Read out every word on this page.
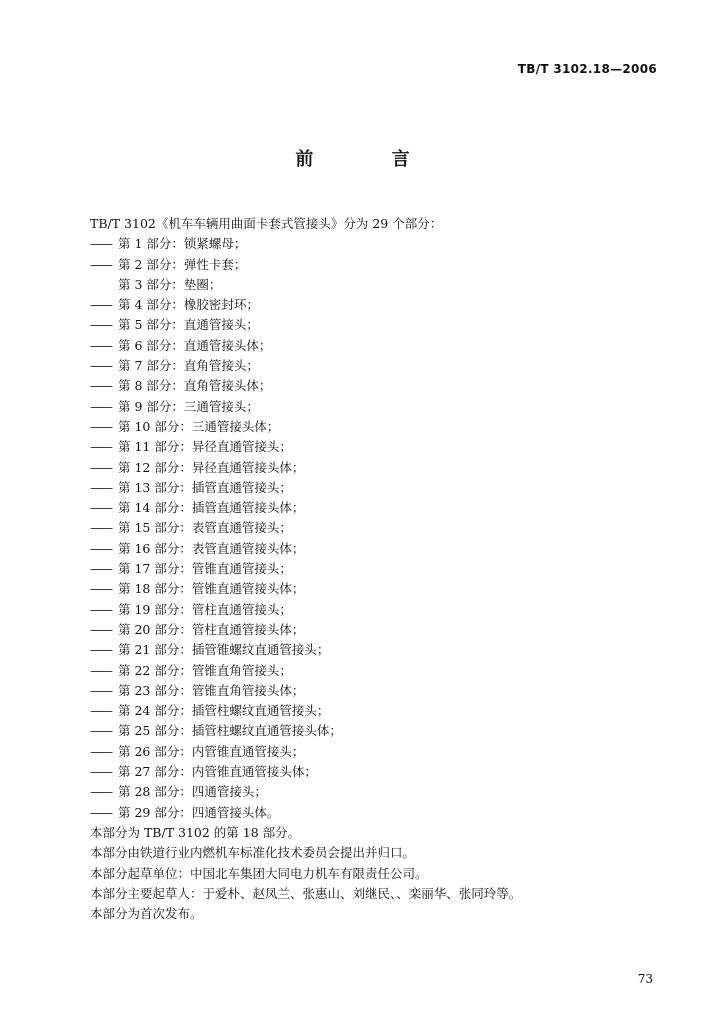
TB/T 3102.18—2006
前 言
TB/T 3102《机车车辆用曲面卡套式管接头》分为 29 个部分：
——第 1 部分：锁紧螺母；
——第 2 部分：弹性卡套；
第 3 部分：垫圈；
——第 4 部分：橡胶密封环；
——第 5 部分：直通管接头；
——第 6 部分：直通管接头体；
——第 7 部分：直角管接头；
——第 8 部分：直角管接头体；
——第 9 部分：三通管接头；
——第 10 部分：三通管接头体；
——第 11 部分：异径直通管接头；
——第 12 部分：异径直通管接头体；
——第 13 部分：插管直通管接头；
——第 14 部分：插管直通管接头体；
——第 15 部分：表管直通管接头；
——第 16 部分：表管直通管接头体；
——第 17 部分：管锥直通管接头；
——第 18 部分：管锥直通管接头体；
——第 19 部分：管柱直通管接头；
——第 20 部分：管柱直通管接头体；
——第 21 部分：插管锥螺纹直通管接头；
——第 22 部分：管锥直角管接头；
——第 23 部分：管锥直角管接头体；
——第 24 部分：插管柱螺纹直通管接头；
——第 25 部分：插管柱螺纹直通管接头体；
——第 26 部分：内管锥直通管接头；
——第 27 部分：内管锥直通管接头体；
——第 28 部分：四通管接头；
——第 29 部分：四通管接头体。
本部分为 TB/T 3102 的第 18 部分。
本部分由铁道行业内燃机车标准化技术委员会提出并归口。
本部分起草单位：中国北车集团大同电力机车有限责任公司。
本部分主要起草人：于爱朴、赵凤兰、张惠山、刘继民、、栾丽华、张同玲等。
本部分为首次发布。
73
